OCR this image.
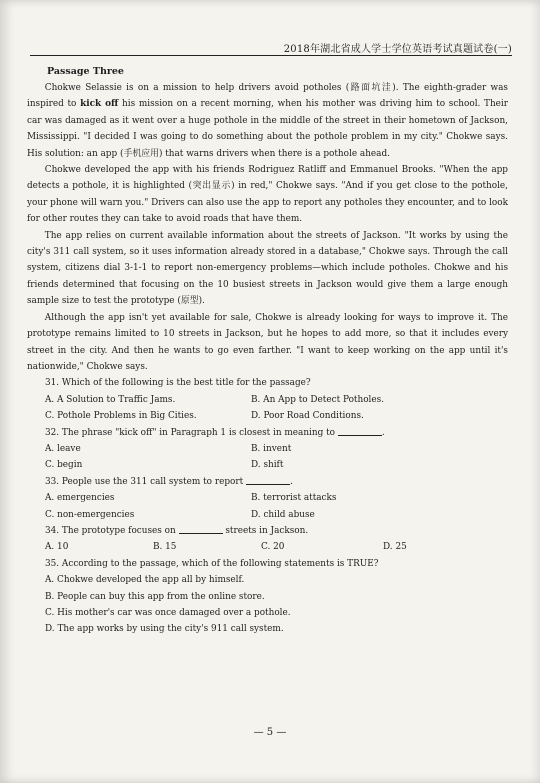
2018年湖北省成人学士学位英语考试真题试卷(一)
Passage Three

Chokwe Selassie is on a mission to help drivers avoid potholes (路面坑洼). The eighth-grader was inspired to kick off his mission on a recent morning, when his mother was driving him to school. Their car was damaged as it went over a huge pothole in the middle of the street in their hometown of Jackson, Mississippi. "I decided I was going to do something about the pothole problem in my city." Chokwe says. His solution: an app (手机应用) that warns drivers when there is a pothole ahead.

Chokwe developed the app with his friends Rodriguez Ratliff and Emmanuel Brooks. "When the app detects a pothole, it is highlighted (突出显示) in red," Chokwe says. "And if you get close to the pothole, your phone will warn you." Drivers can also use the app to report any potholes they encounter, and to look for other routes they can take to avoid roads that have them.

The app relies on current available information about the streets of Jackson. "It works by using the city's 311 call system, so it uses information already stored in a database," Chokwe says. Through the call system, citizens dial 3-1-1 to report non-emergency problems—which include potholes. Chokwe and his friends determined that focusing on the 10 busiest streets in Jackson would give them a large enough sample size to test the prototype (原型).

Although the app isn't yet available for sale, Chokwe is already looking for ways to improve it. The prototype remains limited to 10 streets in Jackson, but he hopes to add more, so that it includes every street in the city. And then he wants to go even farther. "I want to keep working on the app until it's nationwide," Chokwe says.

31. Which of the following is the best title for the passage?
A. A Solution to Traffic Jams.	B. An App to Detect Potholes.
C. Pothole Problems in Big Cities.	D. Poor Road Conditions.
32. The phrase "kick off" in Paragraph 1 is closest in meaning to	.
A. leave	B. invent
C. begin	D. shift
33. People use the 311 call system to report	.
A. emergencies	B. terrorist attacks
C. non-emergencies	D. child abuse
34. The prototype focuses on	streets in Jackson.
A. 10	B. 15	C. 20	D. 25
35. According to the passage, which of the following statements is TRUE?
A. Chokwe developed the app all by himself.
B. People can buy this app from the online store.
C. His mother's car was once damaged over a pothole.
D. The app works by using the city's 911 call system.
— 5 —
